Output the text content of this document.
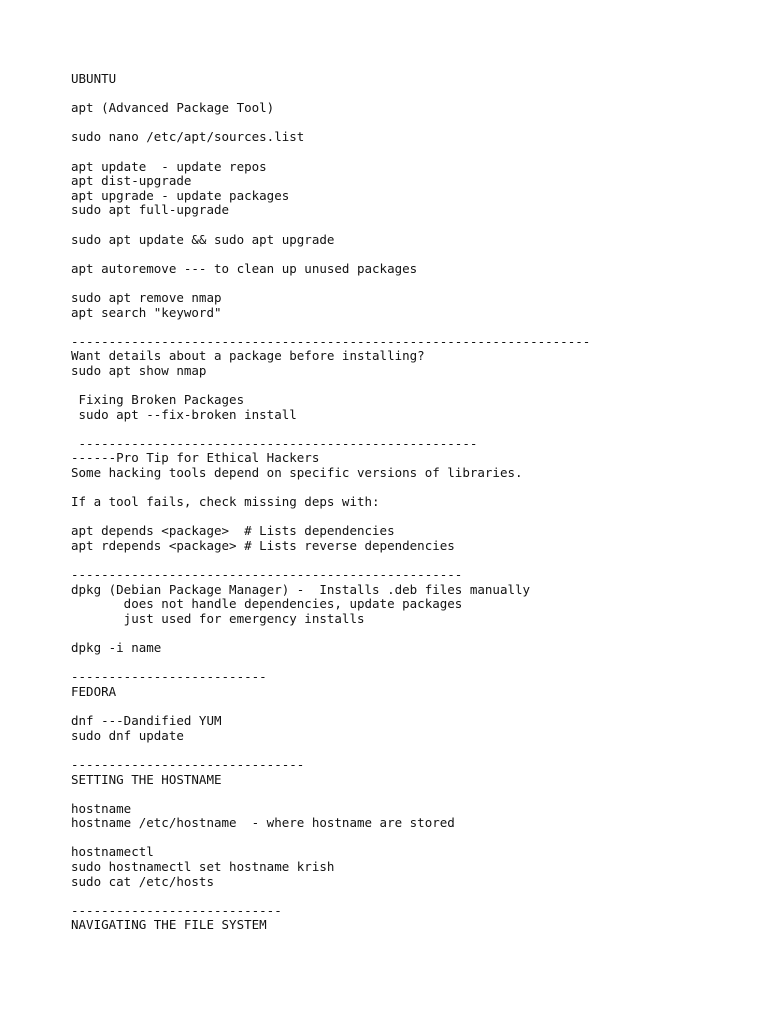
UBUNTU
apt (Advanced Package Tool)
sudo nano /etc/apt/sources.list
apt update  - update repos
apt dist-upgrade
apt upgrade - update packages
sudo apt full-upgrade
sudo apt update && sudo apt upgrade
apt autoremove --- to clean up unused packages
sudo apt remove nmap
apt search "keyword"
---------------------------------------------------------------------
Want details about a package before installing?
sudo apt show nmap
Fixing Broken Packages
sudo apt --fix-broken install
-----------------------------------------------------
------Pro Tip for Ethical Hackers
Some hacking tools depend on specific versions of libraries.
If a tool fails, check missing deps with:
apt depends <package>  # Lists dependencies
apt rdepends <package> # Lists reverse dependencies
----------------------------------------------------
dpkg (Debian Package Manager) -  Installs .deb files manually
does not handle dependencies, update packages
just used for emergency installs
dpkg -i name
--------------------------
FEDORA
dnf ---Dandified YUM
sudo dnf update
-------------------------------
SETTING THE HOSTNAME
hostname
hostname /etc/hostname  - where hostname are stored
hostnamectl
sudo hostnamectl set hostname krish
sudo cat /etc/hosts
----------------------------
NAVIGATING THE FILE SYSTEM
